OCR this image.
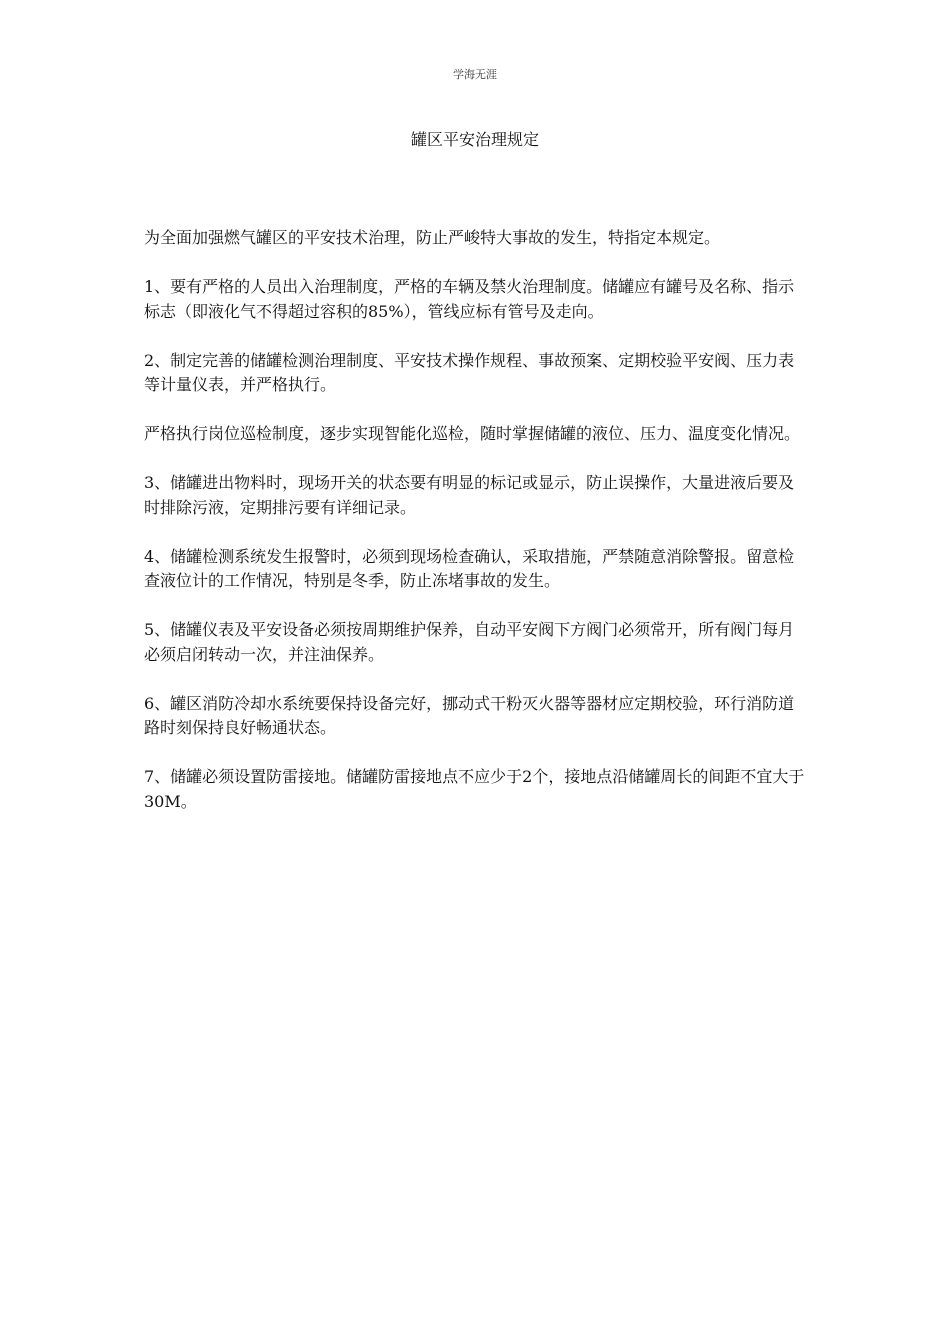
学海无涯
罐区平安治理规定

为全面加强燃气罐区的平安技术治理，防止严峻特大事故的发生，特指定本规定。

1、要有严格的人员出入治理制度，严格的车辆及禁火治理制度。储罐应有罐号及名称、指示标志（即液化气不得超过容积的85%），管线应标有管号及走向。

2、制定完善的储罐检测治理制度、平安技术操作规程、事故预案、定期校验平安阀、压力表等计量仪表，并严格执行。

严格执行岗位巡检制度，逐步实现智能化巡检，随时掌握储罐的液位、压力、温度变化情况。

3、储罐进出物料时，现场开关的状态要有明显的标记或显示，防止误操作，大量进液后要及时排除污液，定期排污要有详细记录。

4、储罐检测系统发生报警时，必须到现场检查确认，采取措施，严禁随意消除警报。留意检查液位计的工作情况，特别是冬季，防止冻堵事故的发生。

5、储罐仪表及平安设备必须按周期维护保养，自动平安阀下方阀门必须常开，所有阀门每月必须启闭转动一次，并注油保养。

6、罐区消防冷却水系统要保持设备完好，挪动式干粉灭火器等器材应定期校验，环行消防道路时刻保持良好畅通状态。

7、储罐必须设置防雷接地。储罐防雷接地点不应少于2个，接地点沿储罐周长的间距不宜大于30M。
